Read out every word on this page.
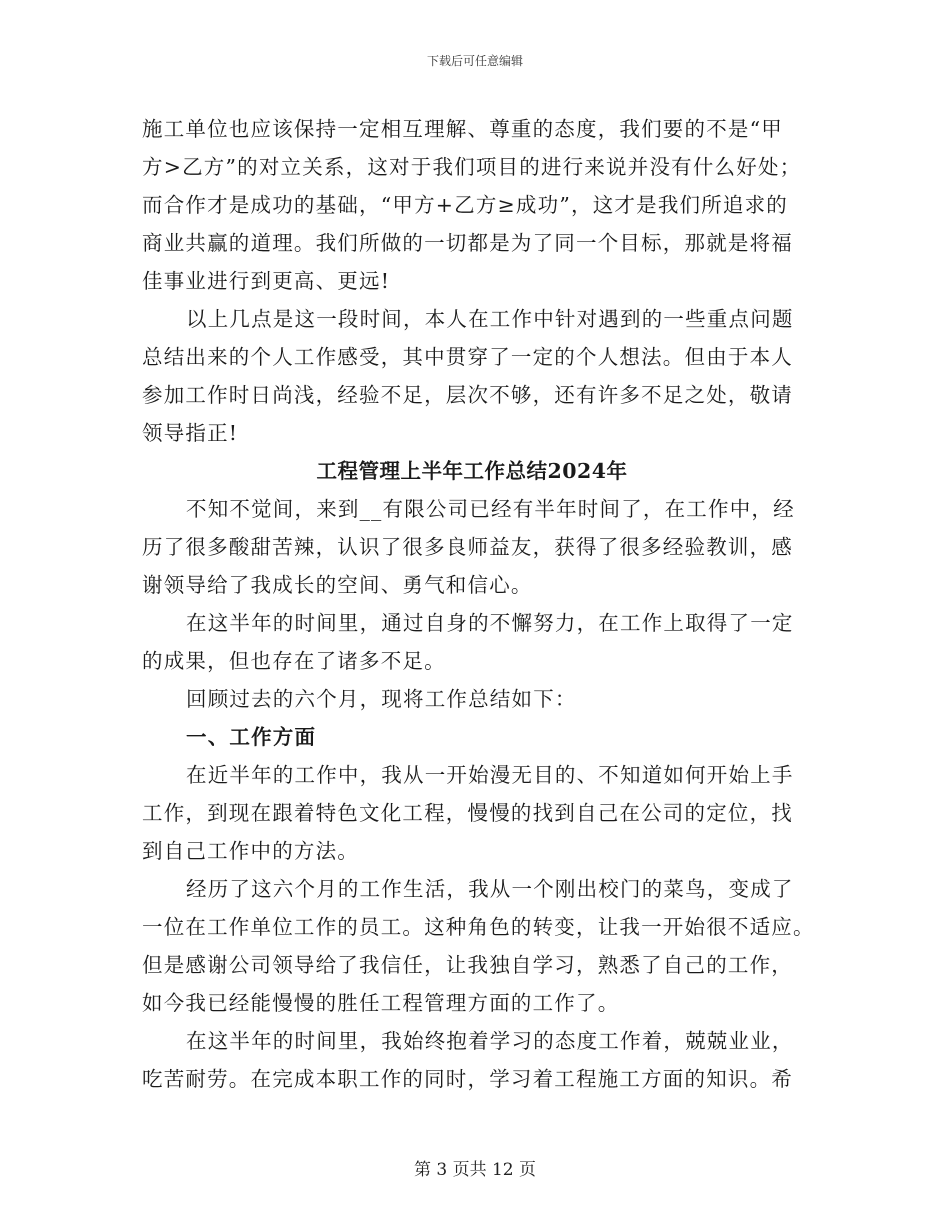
下载后可任意编辑
施工单位也应该保持一定相互理解、尊重的态度，我们要的不是“甲
方>乙方”的对立关系，这对于我们项目的进行来说并没有什么好处；
而合作才是成功的基础，“甲方+乙方≥成功”，这才是我们所追求的
商业共赢的道理。我们所做的一切都是为了同一个目标，那就是将福
佳事业进行到更高、更远!
以上几点是这一段时间，本人在工作中针对遇到的一些重点问题
总结出来的个人工作感受，其中贯穿了一定的个人想法。但由于本人
参加工作时日尚浅，经验不足，层次不够，还有许多不足之处，敬请
领导指正!
工程管理上半年工作总结2024年
不知不觉间，来到__有限公司已经有半年时间了，在工作中，经
历了很多酸甜苦辣，认识了很多良师益友，获得了很多经验教训，感
谢领导给了我成长的空间、勇气和信心。
在这半年的时间里，通过自身的不懈努力，在工作上取得了一定
的成果，但也存在了诸多不足。
回顾过去的六个月，现将工作总结如下：
一、工作方面
在近半年的工作中，我从一开始漫无目的、不知道如何开始上手
工作，到现在跟着特色文化工程，慢慢的找到自己在公司的定位，找
到自己工作中的方法。
经历了这六个月的工作生活，我从一个刚出校门的菜鸟，变成了
一位在工作单位工作的员工。这种角色的转变，让我一开始很不适应。
但是感谢公司领导给了我信任，让我独自学习，熟悉了自己的工作，
如今我已经能慢慢的胜任工程管理方面的工作了。
在这半年的时间里，我始终抱着学习的态度工作着，兢兢业业，
吃苦耐劳。在完成本职工作的同时，学习着工程施工方面的知识。希
第 3 页共 12 页
